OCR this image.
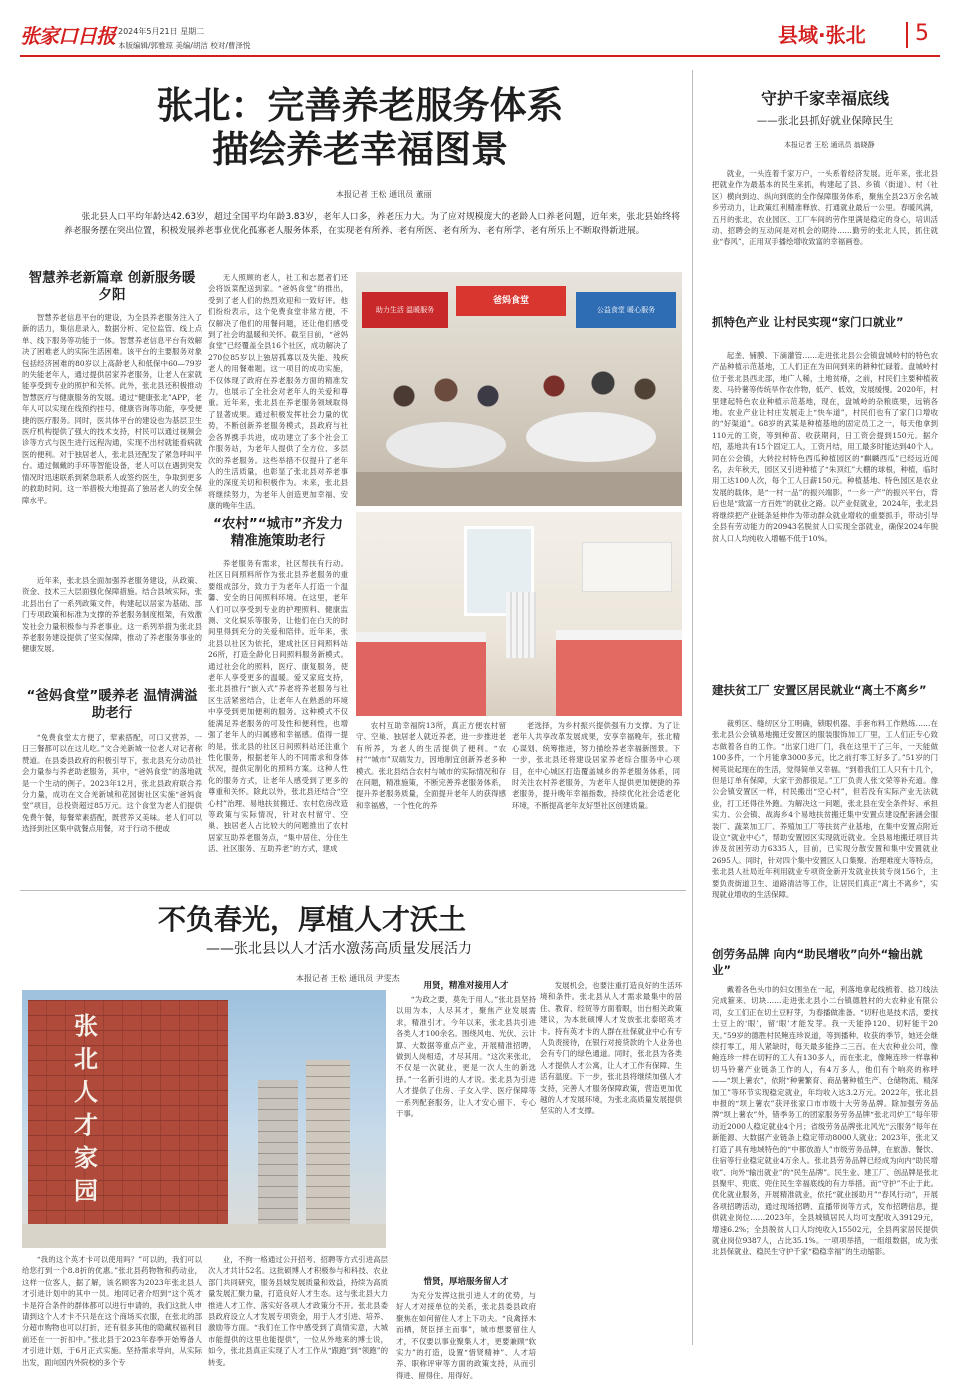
张家口日报 2024年5月21日 星期二
本版编辑/郭雅琼 美编/胡洁 校对/曹泽悦	县域·张北 5
张北：完善养老服务体系
描绘养老幸福图景
本报记者 王松 通讯员 董丽
张北县人口平均年龄达42.63岁，超过全国平均年龄3.83岁，老年人口多，养老压力大。为了应对规模庞大的老龄人口养老问题，近年来，张北县始终将养老服务摆在突出位置，积极发展养老事业优化孤寡老人服务体系，在实现老有所养、老有所医、老有所为、老有所学、老有所乐上不断取得新进展。
智慧养老新篇章 创新服务暖夕阳

智慧养老信息平台的建设，为全县养老服务注入了新的活力，集信息录入、数据分析、定位监管、线上点单、线下服务等功能于一体。智慧养老信息平台有效解决了困难老人的实际生活困难。该平台的主要服务对象包括经济困难的80岁以上高龄老人和低保中60—79岁的失能老年人，通过提供居家养老服务，让老人在家就能享受到专业的照护和关怀。此外，张北县还积极推动智慧医疗与健康服务的发展。通过“健康张北”APP，老年人可以实现在线预约挂号、健康咨询等功能，享受便捷的医疗服务。同时，医共体平台的建设也为基层卫生医疗机构提供了强大的技术支持，村民可以通过视频会诊等方式与医生进行远程沟通，实现不出村就能看病就医的便利。对于独居老人，张北县还配发了紧急呼叫平台。通过佩戴的手环等智能设备，老人可以在遇到突发情况时迅速联系到紧急联系人或签约医生，争取到更多的救助时间。这一举措极大地提高了独居老人的安全保障水平。

近年来，张北县全面加强养老服务建设，从政策、资金、技术三大层面强化保障措施。结合县域实际，张北县出台了一系列政策文件，构建起以居家为基础、部门专项政策和标准为支撑的养老服务制度框架，有效激发社会力量积极参与养老事业。这一系列举措为张北县养老服务建设提供了坚实保障，推动了养老服务事业的健康发展。

“爸妈食堂”暖养老 温情满溢助老行

“免费食堂太方便了，荤素搭配，可口又营养，一日三餐都可以在这儿吃。”文合羌新城一位老人对记者称赞道。在县委县政府的积极引导下，张北县充分动员社会力量参与养老助老服务，其中，“爸妈食堂”的落地就是一个生动的例子。2023年12月，张北县政府联合养分力量，成功在文合羌新城和花园街社区实施“爸妈食堂”项目，总投资超过85万元。这个食堂为老人们提供免费午餐，每餐荤素搭配，既营养又美味。老人们可以选择到社区集中就餐点用餐，对于行动不便或

无人照顾的老人，社工和志愿者们还会将饭菜配送到家。“爸妈食堂”的推出，受到了老人们的热烈欢迎和一致好评。他们纷纷表示，这个免费食堂非常方便，不仅解决了他们的用餐问题，还让他们感受到了社会的温暖和关怀。截至目前，“爸妈食堂”已经覆盖全县16个社区，成功解决了270位85岁以上独居孤寡以及失能、残疾老人的用餐难题。这一项目的成功实施，不仅体现了政府在养老服务方面的精准发力，也展示了全社会对老年人的关爱和尊重。近年来，张北县在养老服务领域取得了显著成果。通过积极发挥社会力量的优势，不断创新养老服务模式，县政府与社会各界携手共进，成功建立了多个社会工作服务站，为老年人提供了全方位、多层次的养老服务。这些举措不仅提升了老年人的生活质量，也彰显了张北县对养老事业的深度关切和积极作为。未来，张北县将继续努力，为老年人创造更加幸福、安康的晚年生活。

“农村”“城市”齐发力 精准施策助老行

养老服务有需求，社区帮扶有行动。社区日间照料所作为张北县养老服务的重要组成部分，致力于为老年人打造一个温馨、安全的日间照料环境。在这里，老年人们可以享受到专业的护理照料、健康监测、文化娱乐等服务，让他们在白天的时间里得到充分的关爱和陪伴。近年来，张北县以社区为依托，建成社区日间照料站26所，打造全龄化日间照料服务新模式。通过社会化的照料，医疗、康复服务，使老年人享受更多的温暖。爱又家庭支持，张北县推行“嵌入式”养老将养老服务与社区生活紧密结合，让老年人在熟悉的环境中享受到更加便利的服务。这种模式不仅能满足养老服务的可及性和便利性，也增强了老年人的归属感和幸福感。值得一提的是，张北县的社区日间照料站还注重个性化服务，根据老年人的不同需求和身体状况，提供定制化的照料方案。这种人性化的服务方式，让老年人感受到了更多的尊重和关怀。除此以外，张北县还结合“空心村”治理、易地扶贫搬迁、农村危房改造等政策与实际情况，针对农村留守、空巢、独居老人占比较大的问题推出了农村居家互助养老服务点，“集中居住、分住生活、社区服务、互助养老”的方式，建成

农村互助幸福院13所，真正方便农村留守、空巢、独居老人就近养老，进一步推进老有所养，为老人的生活提供了便利。“农村”“城市”双端发力，因地制宜创新养老多种模式。张北县结合农村与城市的实际情况和存在问题，精准施策，不断完善养老服务体系，提升养老服务质量，全面提升老年人的获得感和幸福感，一个性化的养

老选择，为乡村振兴提供强有力支撑。为了让老年人共享改革发展成果，安享幸福晚年，张北精心谋划、统筹推进，努力描绘养老幸福新图景。下一步，张北县还将建设居家养老综合服务中心项目，在中心城区打造覆盖城乡的养老服务体系，同时关注农村养老服务，为老年人提供更加便捷的养老服务，提升晚年幸福指数，持续优化社会适老化环境，不断提高老年友好型社区创建质量。

助力生活 温暖服务
爸妈食堂
公益食堂 暖心服务
不负春光，厚植人才沃土
——张北县以人才活水激荡高质量发展活力
本报记者 王松 通讯员 尹雯杰
张北人才家园

“我的这个英才卡可以使用吗？”可以的，我们可以给您打到一个8.8折的优惠。”张北县药物物和药动业，这样一位客人，据了解，该名顾客为2023年张北县人才引进计划中的其中一员。地同记者介绍到“这个英才卡是符合条件的群体都可以进行申请的，我们这批人申请到这个人才卡不只是在这个商场买衣服，在张北的部分超市购物也可以打折，还有很多其他的隐藏权福利目前还在一一折扣中。”张北县于2023年春季开始筹备人才引进计划，于6月正式实施。坚持需求导向，从实际出发，面向国内外院校的多个专

业，不拘一格通过公开招考、招聘等方式引进高层次人才共计52名。这批硕博人才积极参与和科技、农业部门共同研究，服务县城发展质量和效益，持续为高质量发展汇聚力量，打造良好人才生态。这与张北县大力推进人才工作、落实好各项人才政策分不开。张北县委县政府设立人才发展专项资金，用于人才引进、培养、激励等方面。“我们在工作中感受到了真情实意，大城市能提供的这里也能提供”，一位从外地来的博士说，如今，张北县真正实现了人才工作从“跟跑”到“领跑”的转变。

用贤，精准对接用人才

“为政之要，莫先于用人。”张北县坚持以用为本，人尽其才，聚焦产业发展需求，精准引才。今年以来，张北县共引进各类人才100余名。围绕风电、光伏、云计算、大数据等重点产业，开展精准招聘，做到人岗相适，才尽其用。“这次来张北，不仅是一次就业，更是一次人生的新选择。”一名新引进的人才说。张北县为引进人才提供了住房、子女入学、医疗保障等一系列配套服务，让人才安心留下、专心干事。

惜贤，厚培服务留人才

为充分发挥这批引进人才的优势，与好人才对接单位的关系，张北县委县政府聚焦在如何留住人才上下功夫。“良禽择木而栖，贤臣择主而事”，城市想要留住人才，不仅要以事业聚集人才，更要兼顾“软实力”的打造，设置“惜贤精神”、人才培养、职称评审等方面的政策支持，从而引得进、留得住、用得好。

发展机会，也要注重打造良好的生活环境和条件。张北县从人才需求最集中的居住、教育、经贸等方面着眼，出台相关政策建议，为本批硕博人才发放张北泰昭英才卡。持有英才卡的人群在社保就业中心有专人负责接待，在银行对接贷款的个人业务也会有专门的绿色通道。同时，张北县为各类人才提供人才公寓，让人才工作有保障、生活有温度。下一步，张北县将继续加强人才支持，完善人才服务保障政策，营造更加优越的人才发展环境，为张北高质量发展提供坚实的人才支撑。

守护千家幸福底线
——张北县抓好就业保障民生
本报记者 王松 通讯员 翁晓静

就业，一头连着千家万户，一头系着经济发展。近年来，张北县把就业作为最基本的民生来抓，构建起了县、乡镇（街道）、村（社区）横向到边、纵向到底的全作保障服务体系，聚焦全县23万余名城乡劳动力，让政策红利精准释放、打通就业最后一公里。春暖风满，五月的张北，农业园区、工厂车间的劳作里满是稳定的身心，培训活动、招聘会的互动间是对机会的期待……勤劳的张北人民，抓住就业“春风”，正用双手播绘增收致富的幸福画卷。

抓特色产业 让村民实现“家门口就业”

起垄、铺膜、下滴灌管……走进张北县公会镇盘城岭村的特色农产品种植示范基地，工人们正在为田间到来的耕种忙碌着。盘城岭村位于张北县西北部，地广人稀，土地贫瘠，之前，村民们主要种植莜麦、马铃薯等传统旱作农作物，低产、低效，发展缓慢。2020年，村里建起特色农业种植示范基地，现在，盘城岭的杂粮底果，远销各地。农业产业让村庄发展走上“快车道”，村民们也有了家门口增收的“好渠道”。68岁的武某是种植基地的固定员工之一，每天他拿到110元的工资，等到种苗、收获期间，日工资会提到150元。据介绍，基地共有15个固定工人，工资月结，用工最多时能达到40个人。同在公会镇，大转拉村特色西瓜种植园区的“麒麟西瓜”已经远近闻名，去年秋天，园区又引进种植了“朱顶红”大棚的球根，种植，临时用工达100人次，每个工人日薪150元。种植基地、特色园区是农业发展的载体，是“一村一品”的振兴端影，“一乡一产”的振兴平台，背后也是“致富一方百姓”的就业之路。以产业促就业，2024年，张北县将继续把产业链条延伸作为带动群众就业增收的重要抓手，带动引导全县有劳动能力的20943名脱贫人口实现全部就业，确保2024年脱贫人口人均纯收入增幅不低于10%。

建扶贫工厂 安置区居民就业“离土不离乡”

裁剪区、缝纫区分工明确，锁眼机器、手套布料工作熟练……在张北县公会镇易地搬迁安置区的服装服饰加工厂里，工人们正专心致志做着各自的工作。“出家门进厂门，我在这里干了三年，一天能做100多件，一个月能拿3000多元，比之前打零工好多了。”51岁的门树英说起现在的生活，觉得简单又幸福。“到着我们工人只有十几个，但是订单有保障，大家干劲都很足。”工厂负责人张文荣等补充道。像公会镇安置区一样，村民搬出“空心村”，但若没有实际产业无法就业，打工还得往外跑。为解决这一问题，张北县在安全条件好、承担实力、公会镇、战海乡4个易地扶贫搬迁集中安置点建设配套涵会服装厂、蔬菜加工厂、养殖加工厂等扶贫产业基地，在集中安置点附近设立“就业中心”，帮助安置园区实现就近就业。全县易地搬迁项目共涉及贫困劳动力6335人，目前，已实现分散安置和集中安置就业2695人。同时，针对四个集中安置区人口集聚、治理难度大等特点，张北县人社局近年利用就业专项资金新开发就业扶贫专岗156个，主要负责街道卫生、道路清洁等工作，让居民们真正“离土不离乡”，实现就业增收的生活保障。

创劳务品牌 向内“助民增收”向外“输出就业”

戴着各色头巾的妇女围坐在一起，利落地拿起线梳着、捻刀线法完成箍来、切块……走进张北县小二台镇德胜村的大农种业有限公司，女工们正在切土豆籽芽，为春播做准备。“切籽也是技术活，要找土豆上的‘眼’，留‘眼’才能发芽。我一天能挣120、切籽能干20天。”59岁的德胜村民鲍连珍说道，等到播种、收获的季节，她还会继续打零工，用人紧缺时，每天最多能挣二三百。在大农种业公司，像鲍连珍一样在切籽的工人有130多人，而在张北，像鲍连珍一样靠种切马铃薯产业链条工作的人，有4万多人，他们有个响亮的称呼——“坝上薯农”，依附“种薯繁育、商品薯种植生产、仓储物流、精深加工”等环节实现稳定就业，年均收入达3.2万元。2022年，张北县申报的“坝上薯农”获评张家口市市级十大劳务品牌。除加强劳务品牌“坝上薯农”外，错季务工的团家服务劳务品牌“张北司炉工”每年带动近2000人稳定就业4个月；省级劳务品牌张北风光“云服务”每年在新能源、大数据产业链条上稳定带动8000人就业；2023年，张北又打造了具有地域特色的“中都放游人”市级劳务品牌，在旅游、餐饮、住宿等行业稳定就业4万余人。张北县劳务品牌已经成为向内“助民增收”、向外“输出就业”的“民生品牌”。民生业、建工厂、创品牌是张北县聚牢、兜底、兜住民生幸福底线的有力举措。而“守护”不止于此。优化就业服务，开展精准就业，依托“就业援助月”“春风行动”，开展各项招聘活动，通过现场招聘、直播带岗等方式，发布招聘信息，提供就业岗位……2023年，全县城镇居民人均可支配收入39129元，增速6.2%；全县脱贫人口人均纯收入15502元，全县两家居民提供就业岗位9387人，占比35.1%。一项项举措，一组组数据，成为张北县保就业、稳民生守护千家“稳稳幸福”的生动缩影。
